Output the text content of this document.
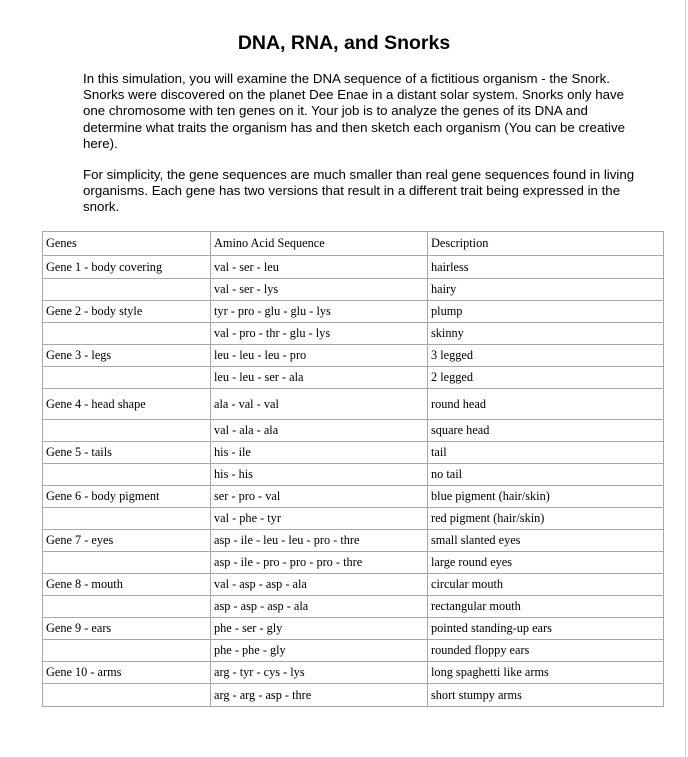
DNA, RNA, and Snorks

In this simulation, you will examine the DNA sequence of a fictitious organism - the Snork. Snorks were discovered on the planet Dee Enae in a distant solar system. Snorks only have one chromosome with ten genes on it. Your job is to analyze the genes of its DNA and determine what traits the organism has and then sketch each organism (You can be creative here).

For simplicity, the gene sequences are much smaller than real gene sequences found in living organisms. Each gene has two versions that result in a different trait being expressed in the snork.

Genes	Amino Acid Sequence	Description
Gene 1 - body covering	val - ser - leu	hairless
	val - ser - lys	hairy
Gene 2 - body style	tyr - pro - glu - glu - lys	plump
	val - pro - thr - glu - lys	skinny
Gene 3 - legs	leu - leu - leu - pro	3 legged
	leu - leu - ser - ala	2 legged
Gene 4 - head shape	ala - val - val	round head
	val - ala - ala	square head
Gene 5 - tails	his - ile	tail
	his - his	no tail
Gene 6 - body pigment	ser - pro - val	blue pigment (hair/skin)
	val - phe - tyr	red pigment (hair/skin)
Gene 7 - eyes	asp - ile - leu - leu - pro - thre	small slanted eyes
	asp - ile - pro - pro - pro - thre	large round eyes
Gene 8 - mouth	val - asp - asp - ala	circular mouth
	asp - asp - asp - ala	rectangular mouth
Gene 9 - ears	phe - ser - gly	pointed standing-up ears
	phe - phe - gly	rounded floppy ears
Gene 10 - arms	arg - tyr - cys - lys	long spaghetti like arms
	arg - arg - asp - thre	short stumpy arms
